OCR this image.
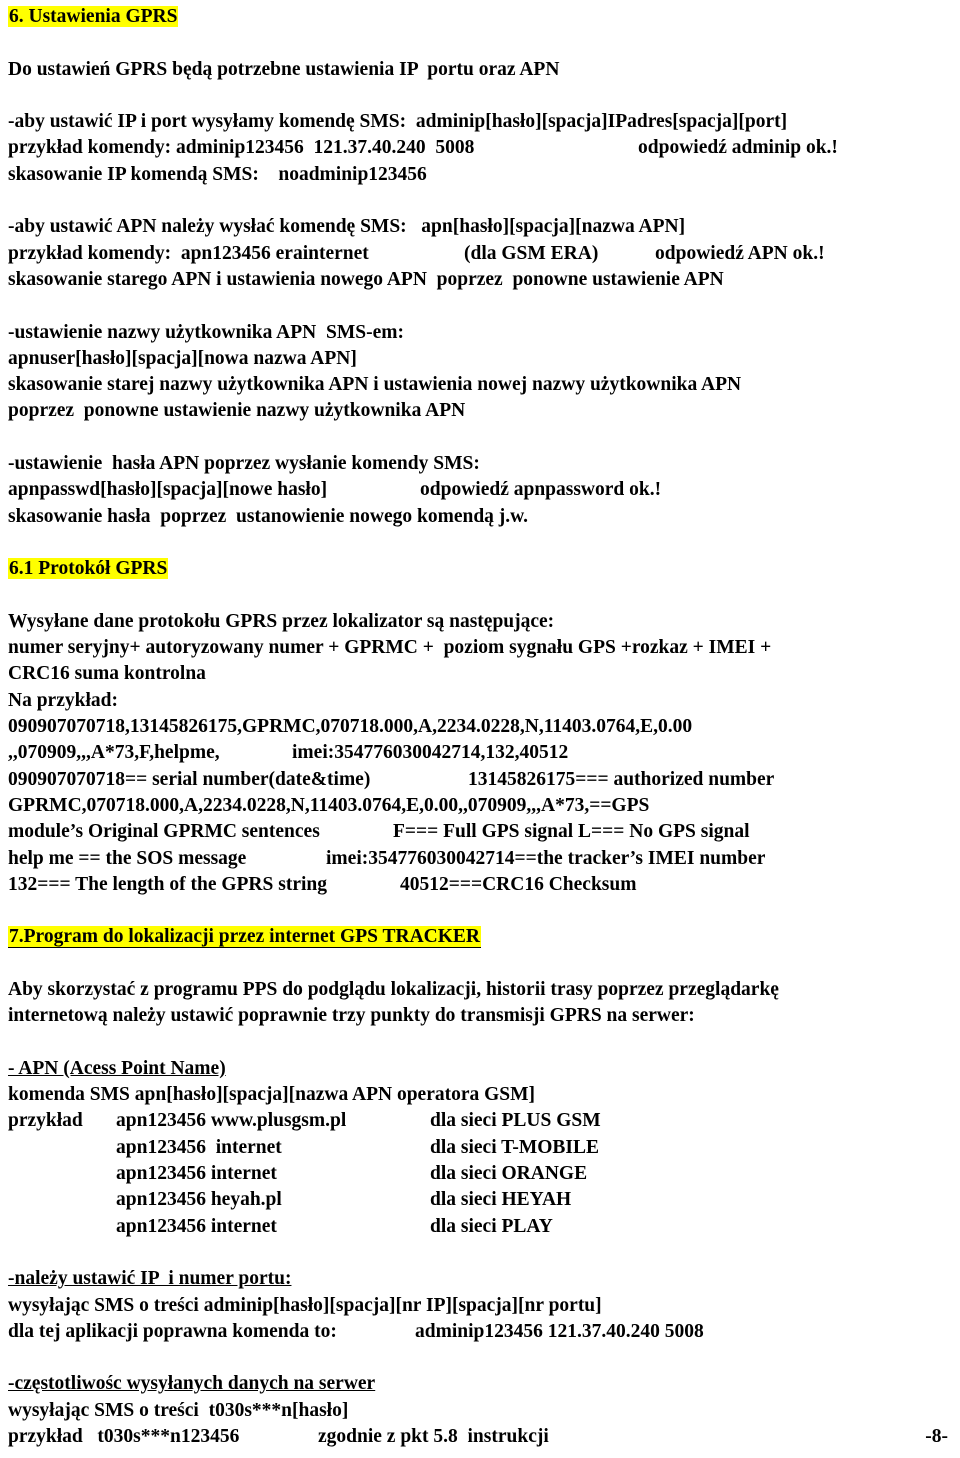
6. Ustawienia GPRS
Do ustawień GPRS będą potrzebne ustawienia IP  portu oraz APN
-aby ustawić IP i port wysyłamy komendę SMS:  adminip[hasło][spacja]IPadres[spacja][port]
przykład komendy: adminip123456  121.37.40.240  5008	odpowiedź adminip ok.!
skasowanie IP komendą SMS:    noadminip123456
-aby ustawić APN należy wysłać komendę SMS:   apn[hasło][spacja][nazwa APN]
przykład komendy:  apn123456 erainternet	(dla GSM ERA)	odpowiedź APN ok.!
skasowanie starego APN i ustawienia nowego APN  poprzez  ponowne ustawienie APN
-ustawienie nazwy użytkownika APN  SMS-em:
apnuser[hasło][spacja][nowa nazwa APN]
skasowanie starej nazwy użytkownika APN i ustawienia nowej nazwy użytkownika APN
poprzez  ponowne ustawienie nazwy użytkownika APN
-ustawienie  hasła APN poprzez wysłanie komendy SMS:
apnpasswd[hasło][spacja][nowe hasło]	odpowiedź apnpassword ok.!
skasowanie hasła  poprzez  ustanowienie nowego komendą j.w.
6.1 Protokół GPRS
Wysyłane dane protokołu GPRS przez lokalizator są następujące:
numer seryjny+ autoryzowany numer + GPRMC +  poziom sygnału GPS +rozkaz + IMEI +
CRC16 suma kontrolna
Na przykład:
090907070718,13145826175,GPRMC,070718.000,A,2234.0228,N,11403.0764,E,0.00
,,070909,,,A*73,F,helpme,	imei:354776030042714,132,40512
090907070718== serial number(date&time)	13145826175=== authorized number
GPRMC,070718.000,A,2234.0228,N,11403.0764,E,0.00,,070909,,,A*73,==GPS
module’s Original GPRMC sentences	F=== Full GPS signal L=== No GPS signal
help me == the SOS message	imei:354776030042714==the tracker’s IMEI number
132=== The length of the GPRS string	40512===CRC16 Checksum
7.Program do lokalizacji przez internet GPS TRACKER
Aby skorzystać z programu PPS do podglądu lokalizacji, historii trasy poprzez przeglądarkę
internetową należy ustawić poprawnie trzy punkty do transmisji GPRS na serwer:
- APN (Acess Point Name)
komenda SMS apn[hasło][spacja][nazwa APN operatora GSM]
przykład apn123456 www.plusgsm.pl	dla sieci PLUS GSM
apn123456  internet	dla sieci T-MOBILE
apn123456 internet	dla sieci ORANGE
apn123456 heyah.pl	dla sieci HEYAH
apn123456 internet	dla sieci PLAY
-należy ustawić IP  i numer portu:
wysyłając SMS o treści adminip[hasło][spacja][nr IP][spacja][nr portu]
dla tej aplikacji poprawna komenda to:	adminip123456 121.37.40.240 5008
-częstotliwośc wysyłanych danych na serwer
wysyłając SMS o treści  t030s***n[hasło]
przykład   t030s***n123456	zgodnie z pkt 5.8  instrukcji	-8-
